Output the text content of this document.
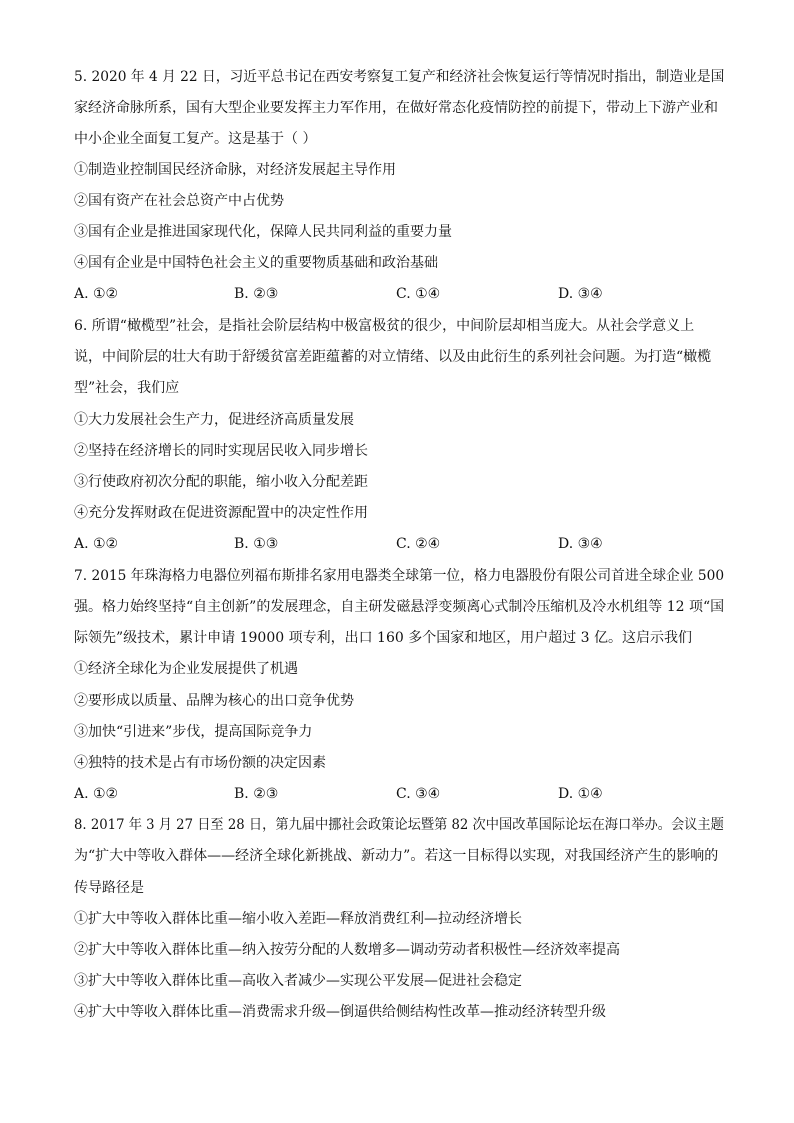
5. 2020 年 4 月 22 日，习近平总书记在西安考察复工复产和经济社会恢复运行等情况时指出，制造业是国
家经济命脉所系，国有大型企业要发挥主力军作用，在做好常态化疫情防控的前提下，带动上下游产业和
中小企业全面复工复产。这是基于（ ）
①制造业控制国民经济命脉，对经济发展起主导作用
②国有资产在社会总资产中占优势
③国有企业是推进国家现代化，保障人民共同利益的重要力量
④国有企业是中国特色社会主义的重要物质基础和政治基础
A. ①②	B. ②③	C. ①④	D. ③④
6. 所谓“橄榄型”社会，是指社会阶层结构中极富极贫的很少，中间阶层却相当庞大。从社会学意义上
说，中间阶层的壮大有助于舒缓贫富差距蕴蓄的对立情绪、以及由此衍生的系列社会问题。为打造“橄榄
型”社会，我们应
①大力发展社会生产力，促进经济高质量发展
②坚持在经济增长的同时实现居民收入同步增长
③行使政府初次分配的职能，缩小收入分配差距
④充分发挥财政在促进资源配置中的决定性作用
A. ①②	B. ①③	C. ②④	D. ③④
7. 2015 年珠海格力电器位列福布斯排名家用电器类全球第一位，格力电器股份有限公司首进全球企业 500
强。格力始终坚持“自主创新”的发展理念，自主研发磁悬浮变频离心式制冷压缩机及冷水机组等 12 项“国
际领先”级技术，累计申请 19000 项专利，出口 160 多个国家和地区，用户超过 3 亿。这启示我们
①经济全球化为企业发展提供了机遇
②要形成以质量、品牌为核心的出口竞争优势
③加快“引进来”步伐，提高国际竞争力
④独特的技术是占有市场份额的决定因素
A. ①②	B. ②③	C. ③④	D. ①④
8. 2017 年 3 月 27 日至 28 日，第九届中挪社会政策论坛暨第 82 次中国改革国际论坛在海口举办。会议主题
为“扩大中等收入群体——经济全球化新挑战、新动力”。若这一目标得以实现，对我国经济产生的影响的
传导路径是
①扩大中等收入群体比重—缩小收入差距—释放消费红利—拉动经济增长
②扩大中等收入群体比重—纳入按劳分配的人数增多—调动劳动者积极性—经济效率提高
③扩大中等收入群体比重—高收入者减少—实现公平发展—促进社会稳定
④扩大中等收入群体比重—消费需求升级—倒逼供给侧结构性改革—推动经济转型升级
